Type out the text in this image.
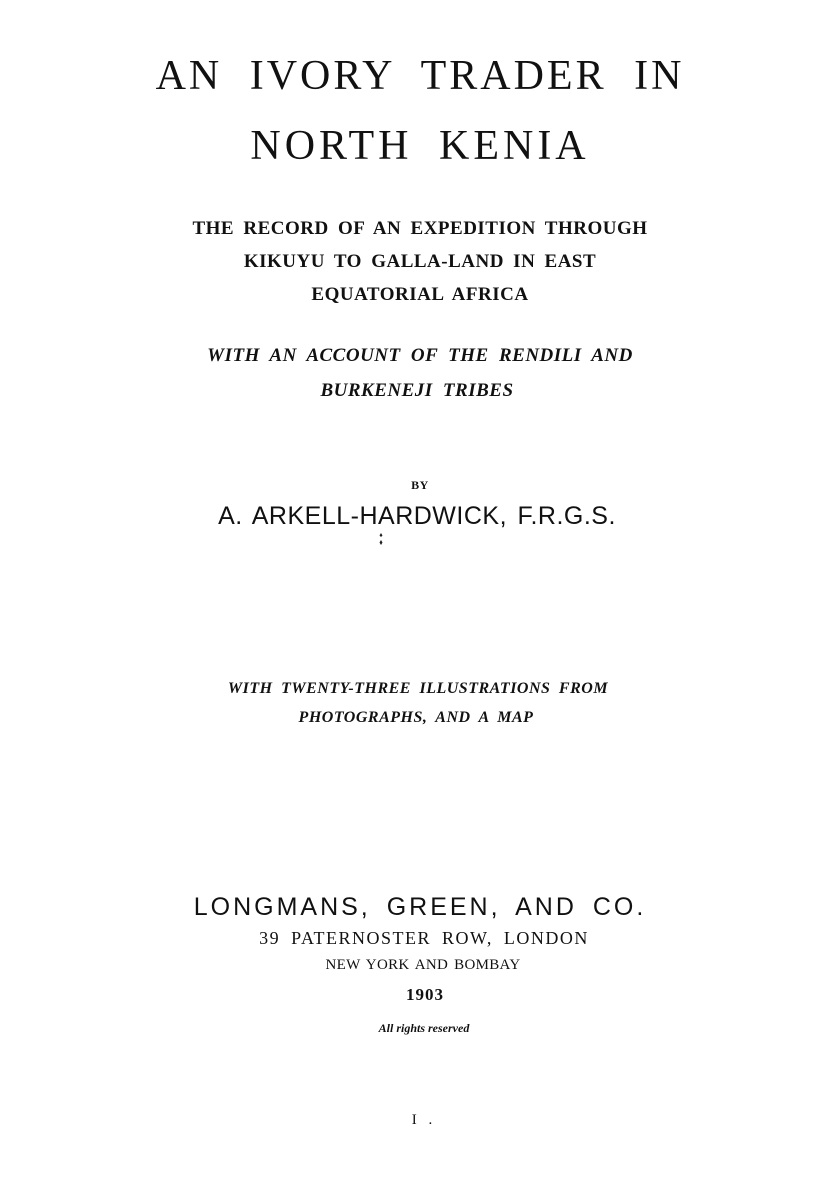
AN IVORY TRADER IN
NORTH KENIA
THE RECORD OF AN EXPEDITION THROUGH
KIKUYU TO GALLA-LAND IN EAST
EQUATORIAL AFRICA
WITH AN ACCOUNT OF THE RENDILI AND
BURKENEJI TRIBES
BY
A. ARKELL-HARDWICK, F.R.G.S.
WITH TWENTY-THREE ILLUSTRATIONS FROM
PHOTOGRAPHS, AND A MAP
LONGMANS, GREEN, AND CO.
39 PATERNOSTER ROW, LONDON
NEW YORK AND BOMBAY
1903
All rights reserved
I .
